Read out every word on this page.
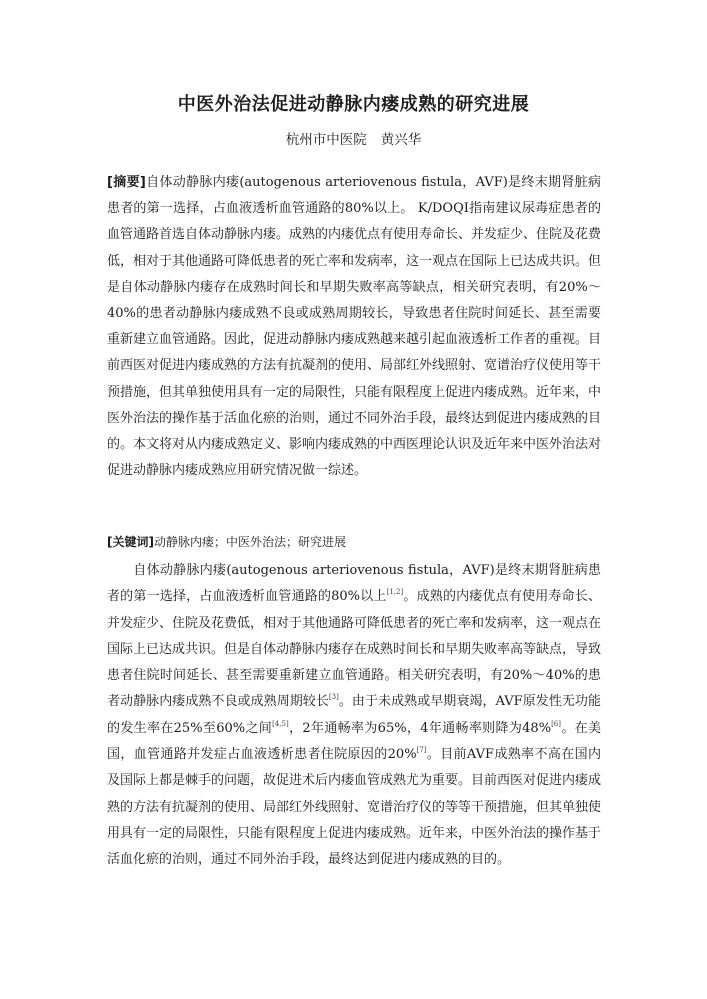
中医外治法促进动静脉内瘘成熟的研究进展
杭州市中医院 黄兴华
[摘要]自体动静脉内瘘(autogenous arteriovenous fistula，AVF)是终末期肾脏病患者的第一选择，占血液透析血管通路的80%以上。 K/DOQI指南建议尿毒症患者的血管通路首选自体动静脉内瘘。成熟的内瘘优点有使用寿命长、并发症少、住院及花费低，相对于其他通路可降低患者的死亡率和发病率，这一观点在国际上已达成共识。但是自体动静脉内瘘存在成熟时间长和早期失败率高等缺点，相关研究表明，有20%～40%的患者动静脉内瘘成熟不良或成熟周期较长，导致患者住院时间延长、甚至需要重新建立血管通路。因此，促进动静脉内瘘成熟越来越引起血液透析工作者的重视。目前西医对促进内瘘成熟的方法有抗凝剂的使用、局部红外线照射、宽谱治疗仪使用等干预措施，但其单独使用具有一定的局限性，只能有限程度上促进内瘘成熟。近年来，中医外治法的操作基于活血化瘀的治则，通过不同外治手段，最终达到促进内瘘成熟的目的。本文将对从内瘘成熟定义、影响内瘘成熟的中西医理论认识及近年来中医外治法对促进动静脉内瘘成熟应用研究情况做一综述。
[关键词]动静脉内瘘；中医外治法；研究进展
自体动静脉内瘘(autogenous arteriovenous fistula，AVF)是终末期肾脏病患者的第一选择，占血液透析血管通路的80%以上[1,2]。成熟的内瘘优点有使用寿命长、并发症少、住院及花费低，相对于其他通路可降低患者的死亡率和发病率，这一观点在国际上已达成共识。但是自体动静脉内瘘存在成熟时间长和早期失败率高等缺点，导致患者住院时间延长、甚至需要重新建立血管通路。相关研究表明，有20%～40%的患者动静脉内瘘成熟不良或成熟周期较长[3]。由于未成熟或早期衰竭，AVF原发性无功能的发生率在25%至60%之间[4,5]，2年通畅率为65%，4年通畅率则降为48%[6]。在美国，血管通路并发症占血液透析患者住院原因的20%[7]。目前AVF成熟率不高在国内及国际上都是棘手的问题，故促进术后内瘘血管成熟尤为重要。目前西医对促进内瘘成熟的方法有抗凝剂的使用、局部红外线照射、宽谱治疗仪的等等干预措施，但其单独使用具有一定的局限性，只能有限程度上促进内瘘成熟。近年来，中医外治法的操作基于活血化瘀的治则，通过不同外治手段，最终达到促进内瘘成熟的目的。
